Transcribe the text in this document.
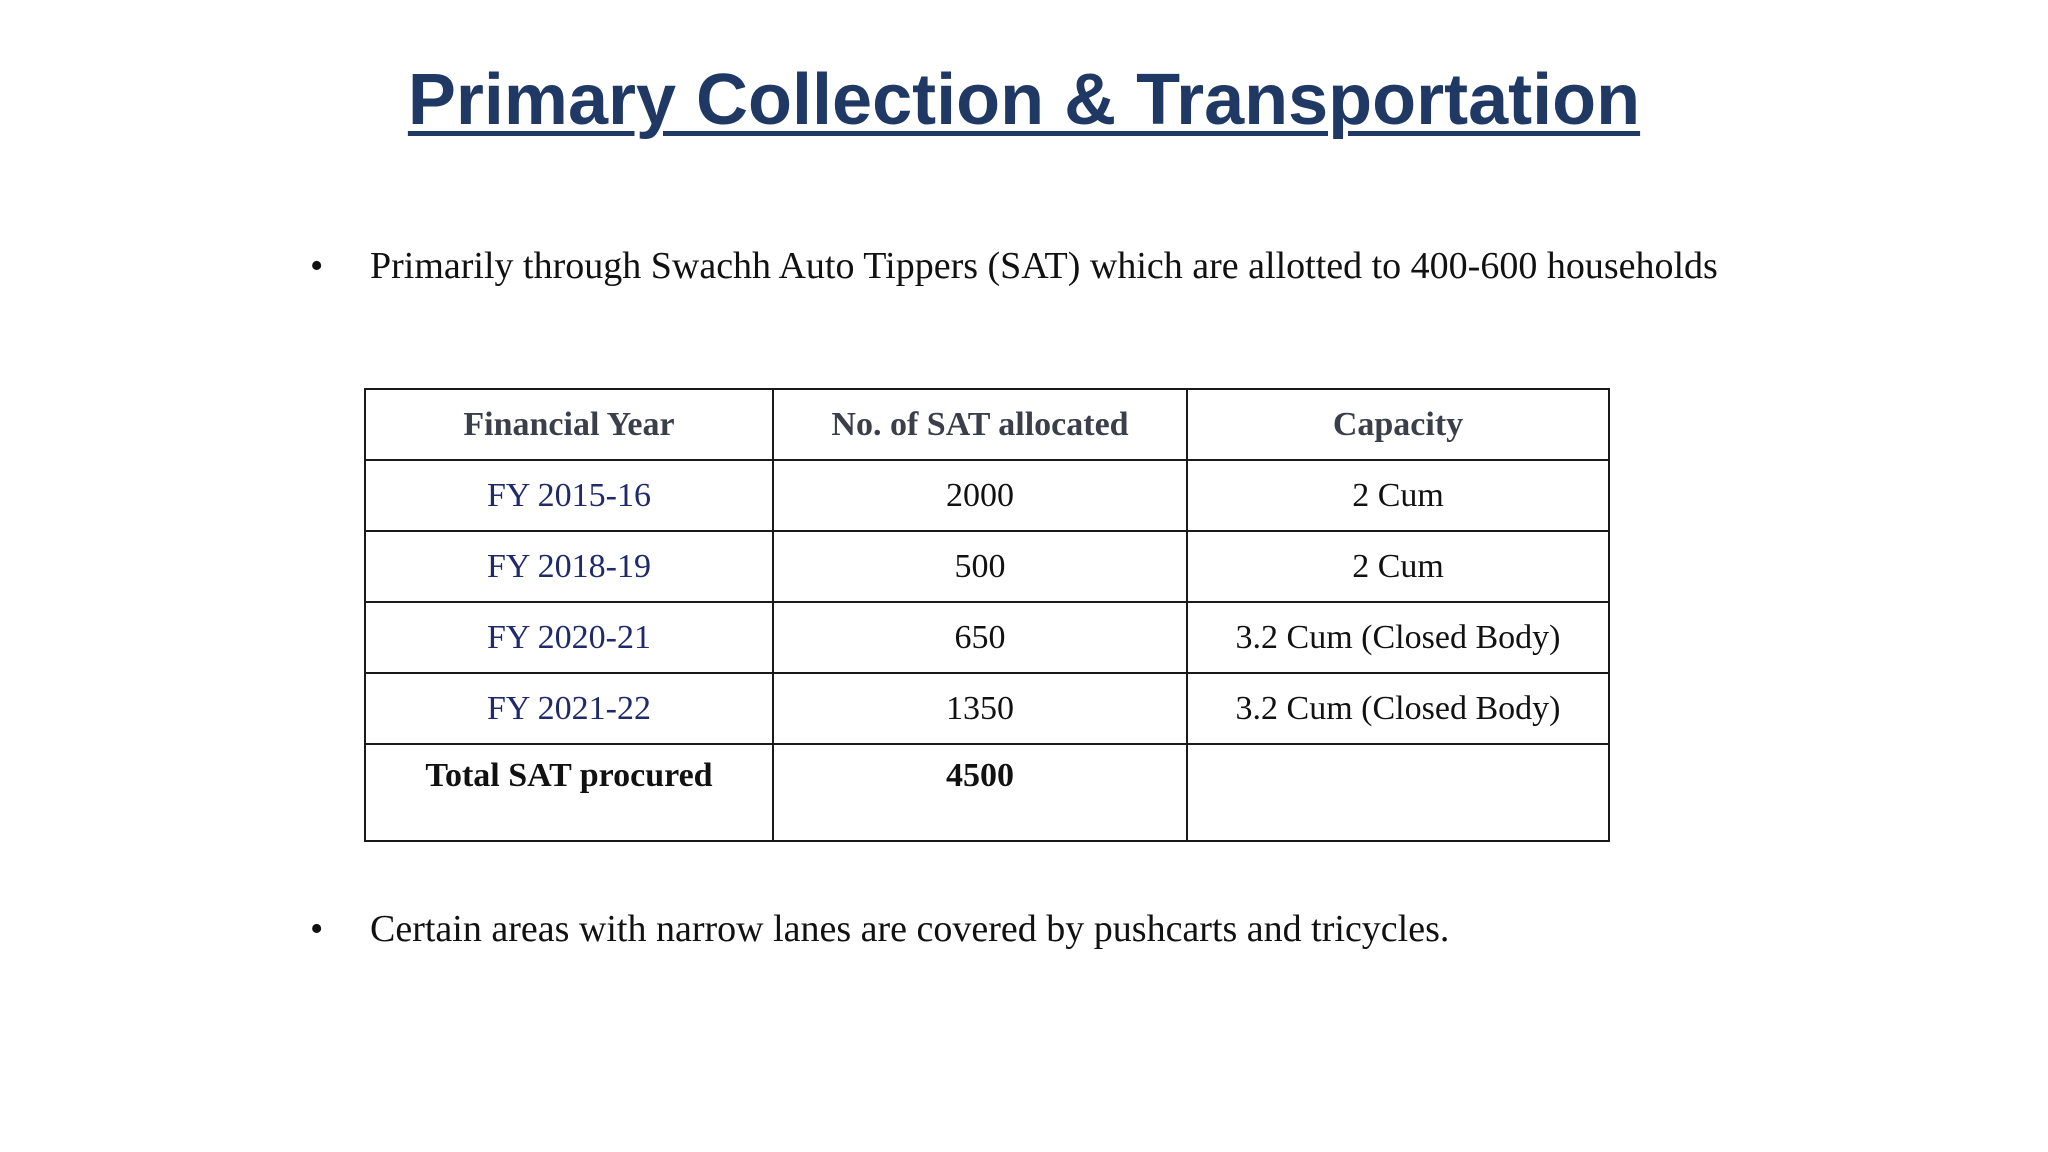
Primary Collection & Transportation
• Primarily through Swachh Auto Tippers (SAT) which are allotted to 400-600 households
Financial Year	No. of SAT allocated	Capacity
FY 2015-16	2000	2 Cum
FY 2018-19	500	2 Cum
FY 2020-21	650	3.2 Cum (Closed Body)
FY 2021-22	1350	3.2 Cum (Closed Body)
Total SAT procured	4500	
• Certain areas with narrow lanes are covered by pushcarts and tricycles.
